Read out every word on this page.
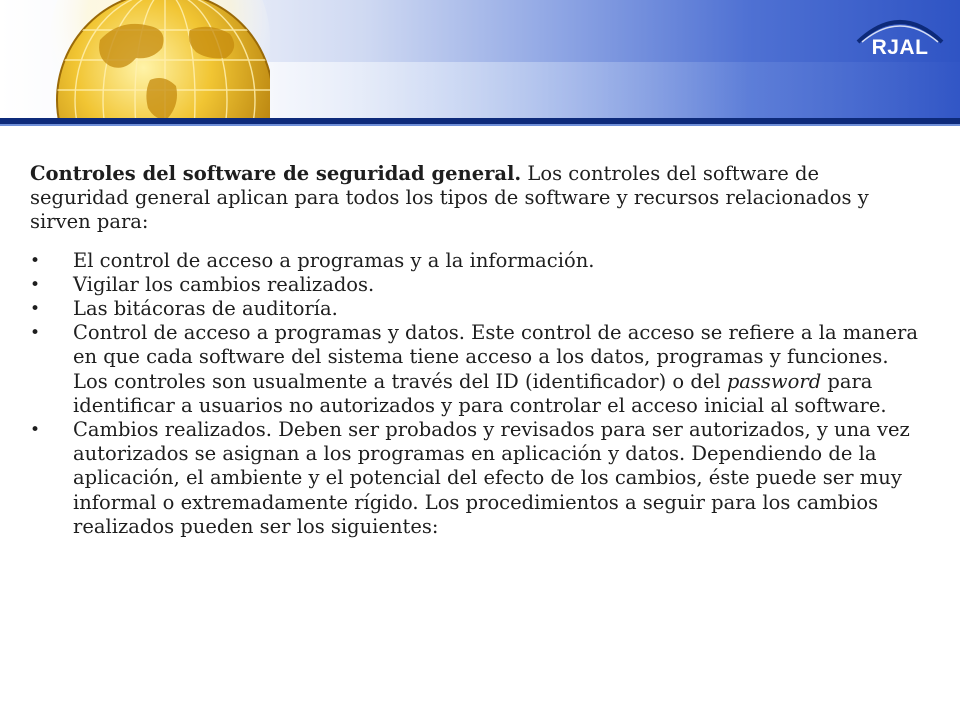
RJAL

Controles del software de seguridad general. Los controles del software de seguridad general aplican para todos los tipos de software y recursos relacionados y sirven para:

• El control de acceso a programas y a la información.
• Vigilar los cambios realizados.
• Las bitácoras de auditoría.
• Control de acceso a programas y datos. Este control de acceso se refiere a la manera en que cada software del sistema tiene acceso a los datos, programas y funciones. Los controles son usualmente a través del ID (identificador) o del password para identificar a usuarios no autorizados y para controlar el acceso inicial al software.
• Cambios realizados. Deben ser probados y revisados para ser autorizados, y una vez autorizados se asignan a los programas en aplicación y datos. Dependiendo de la aplicación, el ambiente y el potencial del efecto de los cambios, éste puede ser muy informal o extremadamente rígido. Los procedimientos a seguir para los cambios realizados pueden ser los siguientes:
